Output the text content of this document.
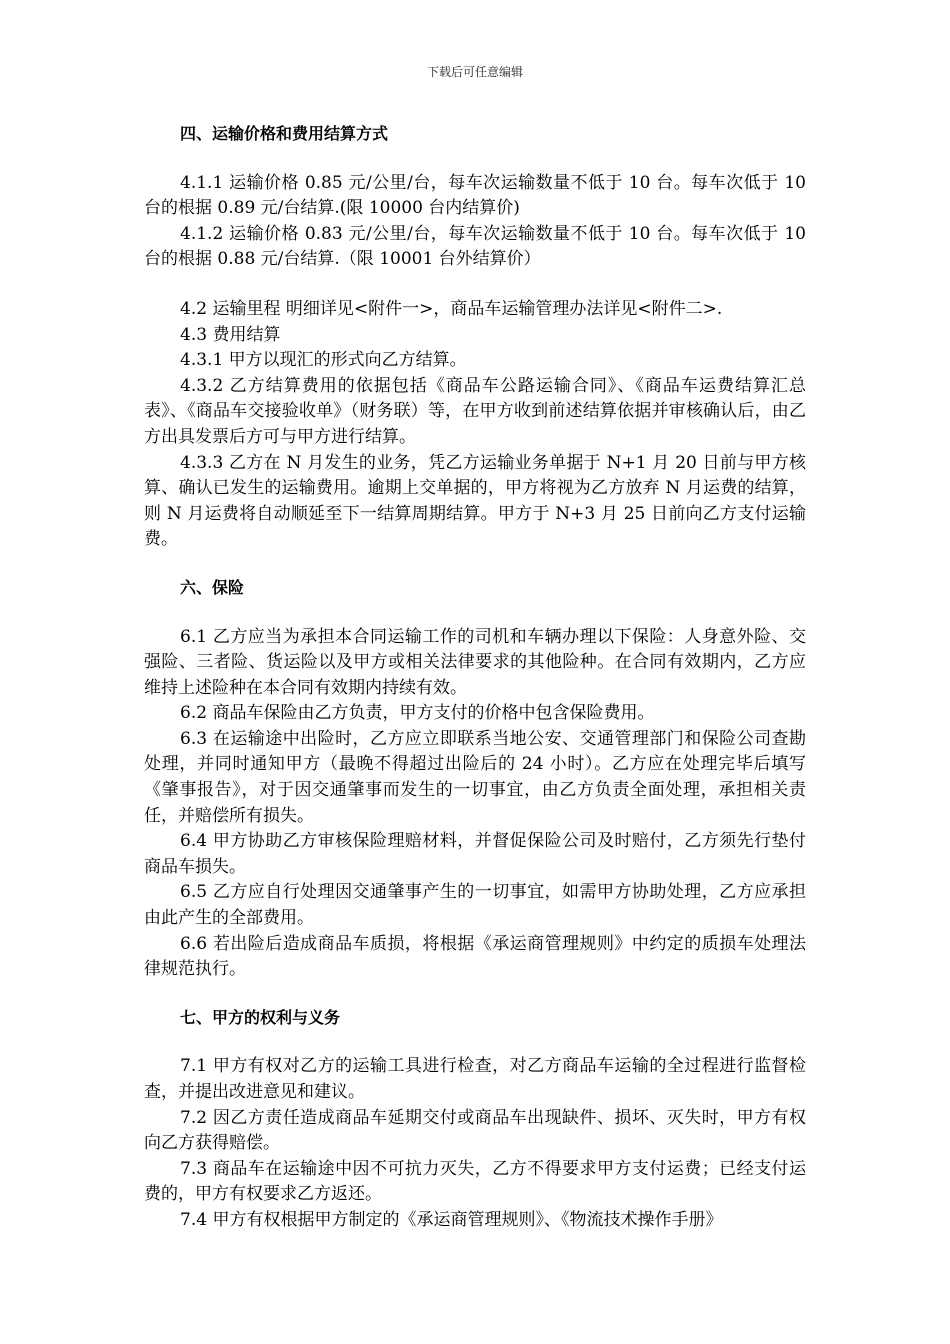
下载后可任意编辑

四、运输价格和费用结算方式

4.1.1 运输价格 0.85 元/公里/台，每车次运输数量不低于 10 台。每车次低于 10 台的根据 0.89 元/台结算.(限 10000 台内结算价)

4.1.2 运输价格 0.83 元/公里/台，每车次运输数量不低于 10 台。每车次低于 10 台的根据 0.88 元/台结算.（限 10001 台外结算价）

4.2 运输里程 明细详见<附件一>，商品车运输管理办法详见<附件二>.

4.3 费用结算

4.3.1 甲方以现汇的形式向乙方结算。

4.3.2 乙方结算费用的依据包括《商品车公路运输合同》、《商品车运费结算汇总表》、《商品车交接验收单》（财务联）等，在甲方收到前述结算依据并审核确认后，由乙方出具发票后方可与甲方进行结算。

4.3.3 乙方在 N 月发生的业务，凭乙方运输业务单据于 N+1 月 20 日前与甲方核算、确认已发生的运输费用。逾期上交单据的，甲方将视为乙方放弃 N 月运费的结算，则 N 月运费将自动顺延至下一结算周期结算。甲方于 N+3 月 25 日前向乙方支付运输费。

六、保险

6.1 乙方应当为承担本合同运输工作的司机和车辆办理以下保险：人身意外险、交强险、三者险、货运险以及甲方或相关法律要求的其他险种。在合同有效期内，乙方应维持上述险种在本合同有效期内持续有效。

6.2 商品车保险由乙方负责，甲方支付的价格中包含保险费用。

6.3 在运输途中出险时，乙方应立即联系当地公安、交通管理部门和保险公司查勘处理，并同时通知甲方（最晚不得超过出险后的 24 小时）。乙方应在处理完毕后填写《肇事报告》，对于因交通肇事而发生的一切事宜，由乙方负责全面处理，承担相关责任，并赔偿所有损失。

6.4 甲方协助乙方审核保险理赔材料，并督促保险公司及时赔付，乙方须先行垫付商品车损失。

6.5 乙方应自行处理因交通肇事产生的一切事宜，如需甲方协助处理，乙方应承担由此产生的全部费用。

6.6 若出险后造成商品车质损，将根据《承运商管理规则》中约定的质损车处理法律规范执行。

七、甲方的权利与义务

7.1 甲方有权对乙方的运输工具进行检查，对乙方商品车运输的全过程进行监督检查，并提出改进意见和建议。

7.2 因乙方责任造成商品车延期交付或商品车出现缺件、损坏、灭失时，甲方有权向乙方获得赔偿。

7.3 商品车在运输途中因不可抗力灭失，乙方不得要求甲方支付运费；已经支付运费的，甲方有权要求乙方返还。

7.4 甲方有权根据甲方制定的《承运商管理规则》、《物流技术操作手册》
